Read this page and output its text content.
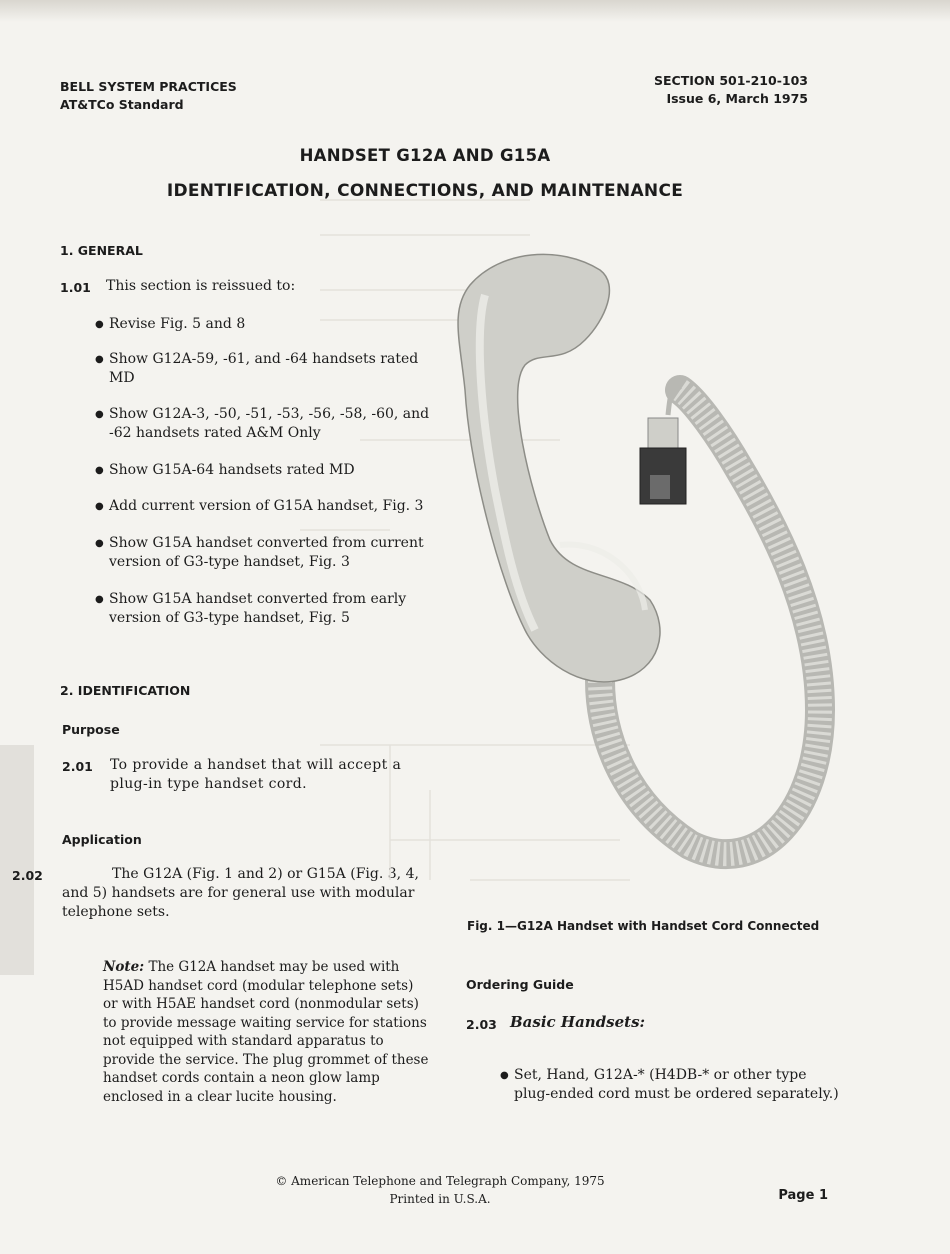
BELL SYSTEM PRACTICES
AT&TCo Standard
SECTION 501-210-103
Issue 6, March 1975
HANDSET G12A AND G15A
IDENTIFICATION, CONNECTIONS, AND MAINTENANCE
1. GENERAL
1.01 This section is reissued to:
● Revise Fig. 5 and 8
● Show G12A-59, -61, and -64 handsets rated MD
● Show G12A-3, -50, -51, -53, -56, -58, -60, and -62 handsets rated A&M Only
● Show G15A-64 handsets rated MD
● Add current version of G15A handset, Fig. 3
● Show G15A handset converted from current version of G3-type handset, Fig. 3
● Show G15A handset converted from early version of G3-type handset, Fig. 5
2. IDENTIFICATION
Purpose
2.01 To provide a handset that will accept a plug-in type handset cord.
Application
2.02	The G12A (Fig. 1 and 2) or G15A (Fig. 3, 4, and 5) handsets are for general use with modular telephone sets.
Note: The G12A handset may be used with H5AD handset cord (modular telephone sets) or with H5AE handset cord (nonmodular sets) to provide message waiting service for stations not equipped with standard apparatus to provide the service. The plug grommet of these handset cords contain a neon glow lamp enclosed in a clear lucite housing.
Fig. 1—G12A Handset with Handset Cord Connected
Ordering Guide
2.03 Basic Handsets:
● Set, Hand, G12A-* (H4DB-* or other type plug-ended cord must be ordered separately.)
© American Telephone and Telegraph Company, 1975
Printed in U.S.A.	Page 1
